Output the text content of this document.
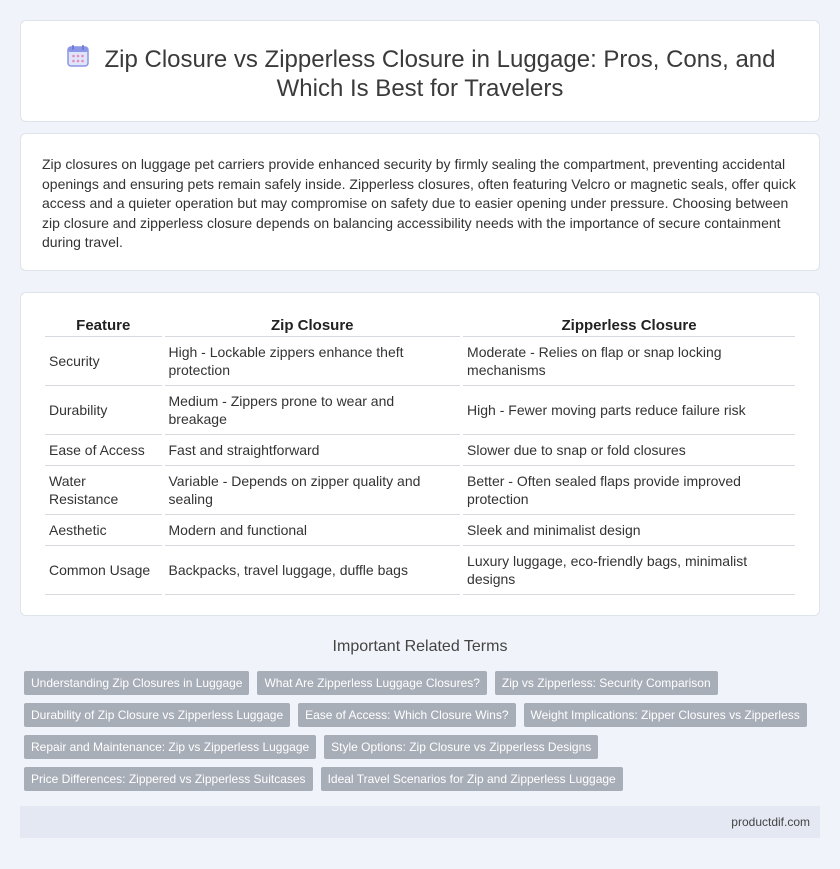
Zip Closure vs Zipperless Closure in Luggage: Pros, Cons, and Which Is Best for Travelers

Zip closures on luggage pet carriers provide enhanced security by firmly sealing the compartment, preventing accidental openings and ensuring pets remain safely inside. Zipperless closures, often featuring Velcro or magnetic seals, offer quick access and a quieter operation but may compromise on safety due to easier opening under pressure. Choosing between zip closure and zipperless closure depends on balancing accessibility needs with the importance of secure containment during travel.

Feature	Zip Closure	Zipperless Closure
Security	High - Lockable zippers enhance theft protection	Moderate - Relies on flap or snap locking mechanisms
Durability	Medium - Zippers prone to wear and breakage	High - Fewer moving parts reduce failure risk
Ease of Access	Fast and straightforward	Slower due to snap or fold closures
Water Resistance	Variable - Depends on zipper quality and sealing	Better - Often sealed flaps provide improved protection
Aesthetic	Modern and functional	Sleek and minimalist design
Common Usage	Backpacks, travel luggage, duffle bags	Luxury luggage, eco-friendly bags, minimalist designs
Important Related Terms
Understanding Zip Closures in Luggage	What Are Zipperless Luggage Closures?	Zip vs Zipperless: Security Comparison
Durability of Zip Closure vs Zipperless Luggage	Ease of Access: Which Closure Wins?	Weight Implications: Zipper Closures vs Zipperless
Repair and Maintenance: Zip vs Zipperless Luggage	Style Options: Zip Closure vs Zipperless Designs
Price Differences: Zippered vs Zipperless Suitcases	Ideal Travel Scenarios for Zip and Zipperless Luggage
productdif.com
